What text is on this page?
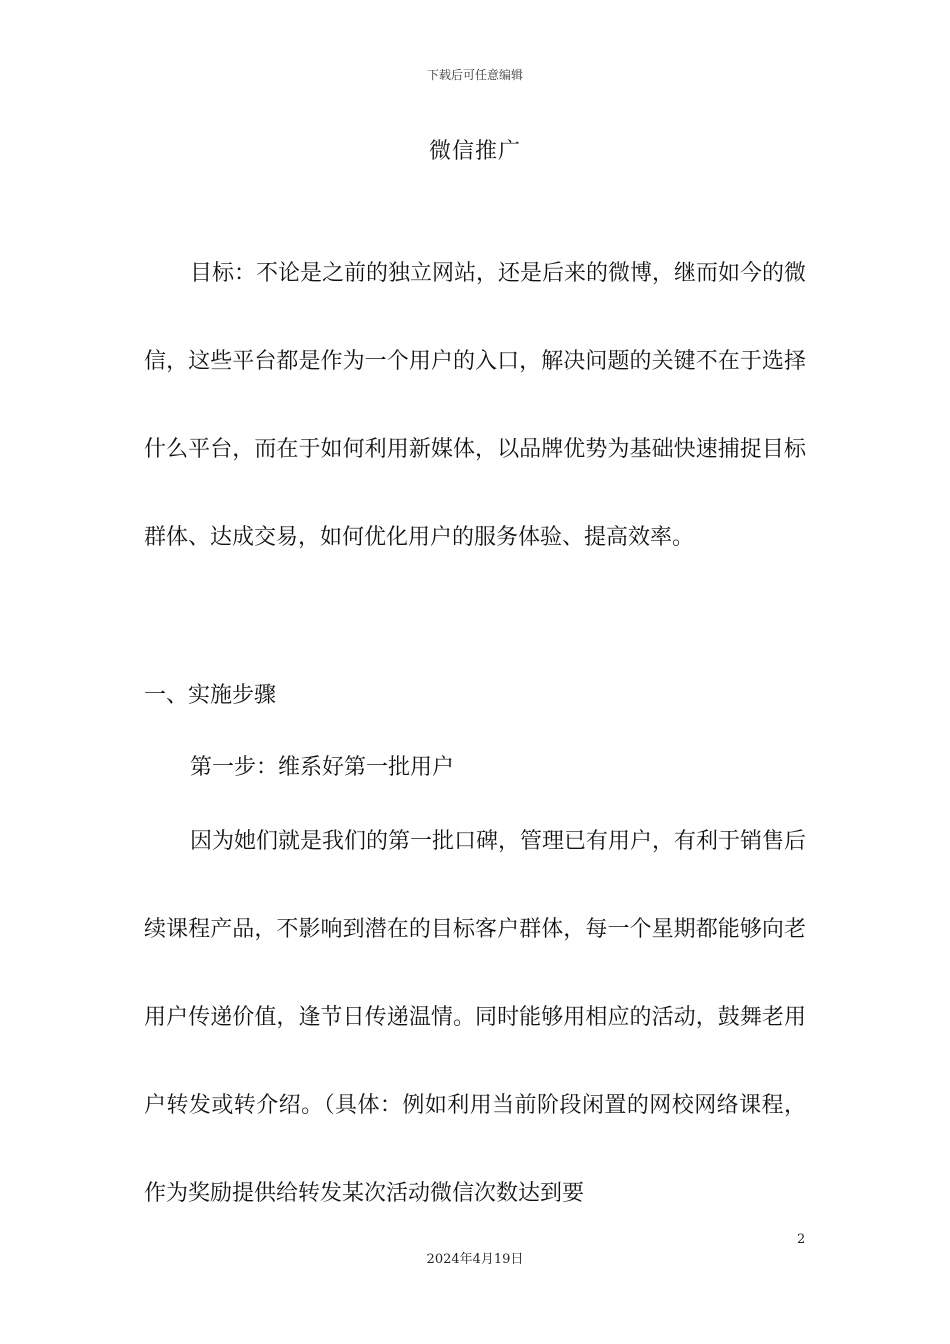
下载后可任意编辑
微信推广

目标：不论是之前的独立网站，还是后来的微博，继而如今的微信，这些平台都是作为一个用户的入口，解决问题的关键不在于选择什么平台，而在于如何利用新媒体，以品牌优势为基础快速捕捉目标群体、达成交易，如何优化用户的服务体验、提高效率。

一、实施步骤
第一步：维系好第一批用户

因为她们就是我们的第一批口碑，管理已有用户，有利于销售后续课程产品，不影响到潜在的目标客户群体，每一个星期都能够向老用户传递价值，逢节日传递温情。同时能够用相应的活动，鼓舞老用户转发或转介绍。（具体：例如利用当前阶段闲置的网校网络课程，作为奖励提供给转发某次活动微信次数达到要

2
2024年4月19日
